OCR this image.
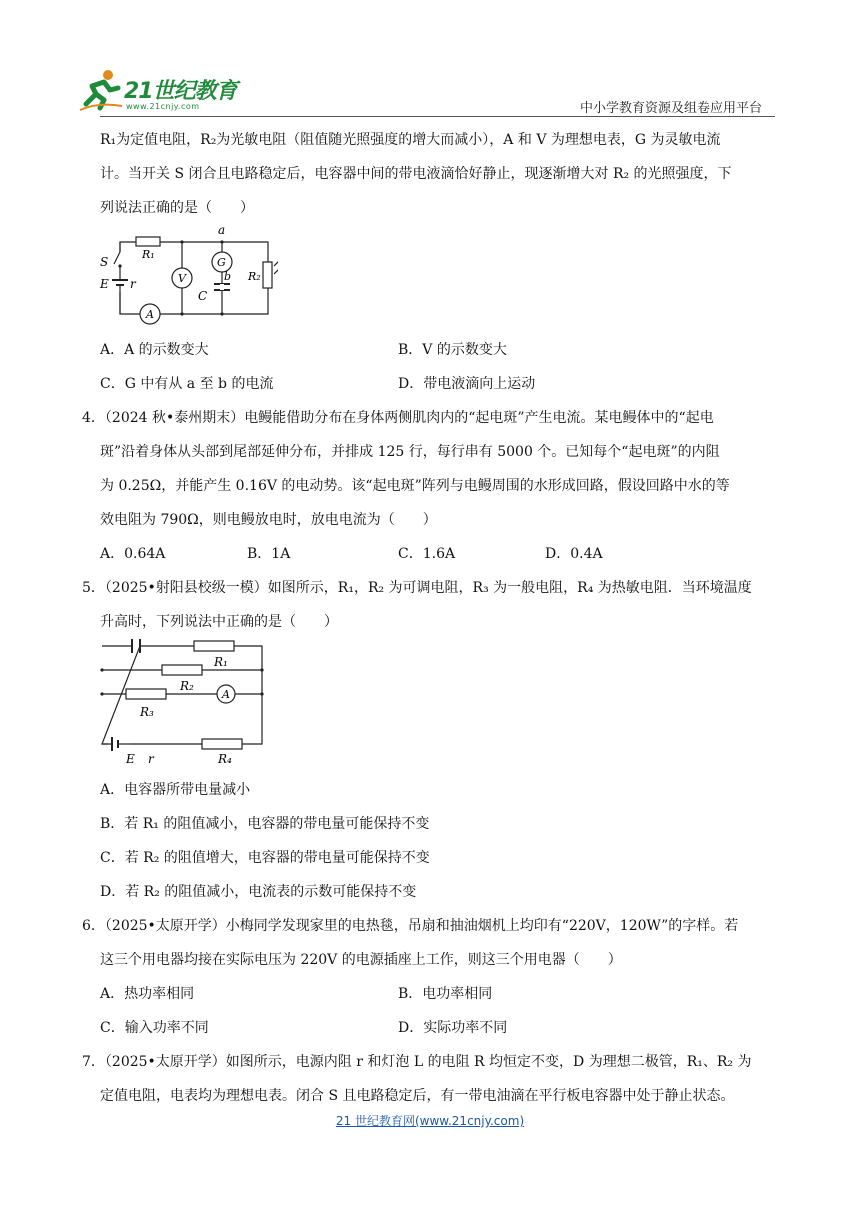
21世纪教育
www.21cnjy.com	中小学教育资源及组卷应用平台
R₁为定值电阻，R₂为光敏电阻（阻值随光照强度的增大而减小），A 和 V 为理想电表，G 为灵敏电流
计。当开关 S 闭合且电路稳定后，电容器中间的带电液滴恰好静止，现逐渐增大对 R₂ 的光照强度，下
列说法正确的是（　　）
a
S
R₁
V
G
b
C
R₂
E r
A
A．A 的示数变大	B．V 的示数变大
C．G 中有从 a 至 b 的电流	D．带电液滴向上运动
4．（2024 秋•泰州期末）电鳗能借助分布在身体两侧肌肉内的“起电斑”产生电流。某电鳗体中的“起电
斑”沿着身体从头部到尾部延伸分布，并排成 125 行，每行串有 5000 个。已知每个“起电斑”的内阻
为 0.25Ω，并能产生 0.16V 的电动势。该“起电斑”阵列与电鳗周围的水形成回路，假设回路中水的等
效电阻为 790Ω，则电鳗放电时，放电电流为（　　）
A．0.64A	B．1A	C．1.6A	D．0.4A
5．（2025•射阳县校级一模）如图所示，R₁，R₂ 为可调电阻，R₃ 为一般电阻，R₄ 为热敏电阻．当环境温度
升高时，下列说法中正确的是（　　）
R₁
R₂
A
R₃
E r	R₄
A．电容器所带电量减小
B．若 R₁ 的阻值减小，电容器的带电量可能保持不变
C．若 R₂ 的阻值增大，电容器的带电量可能保持不变
D．若 R₂ 的阻值减小，电流表的示数可能保持不变
6．（2025•太原开学）小梅同学发现家里的电热毯，吊扇和抽油烟机上均印有“220V，120W”的字样。若
这三个用电器均接在实际电压为 220V 的电源插座上工作，则这三个用电器（　　）
A．热功率相同	B．电功率相同
C．输入功率不同	D．实际功率不同
7．（2025•太原开学）如图所示，电源内阻 r 和灯泡 L 的电阻 R 均恒定不变，D 为理想二极管，R₁、R₂ 为
定值电阻，电表均为理想电表。闭合 S 且电路稳定后，有一带电油滴在平行板电容器中处于静止状态。
21 世纪教育网(www.21cnjy.com)
